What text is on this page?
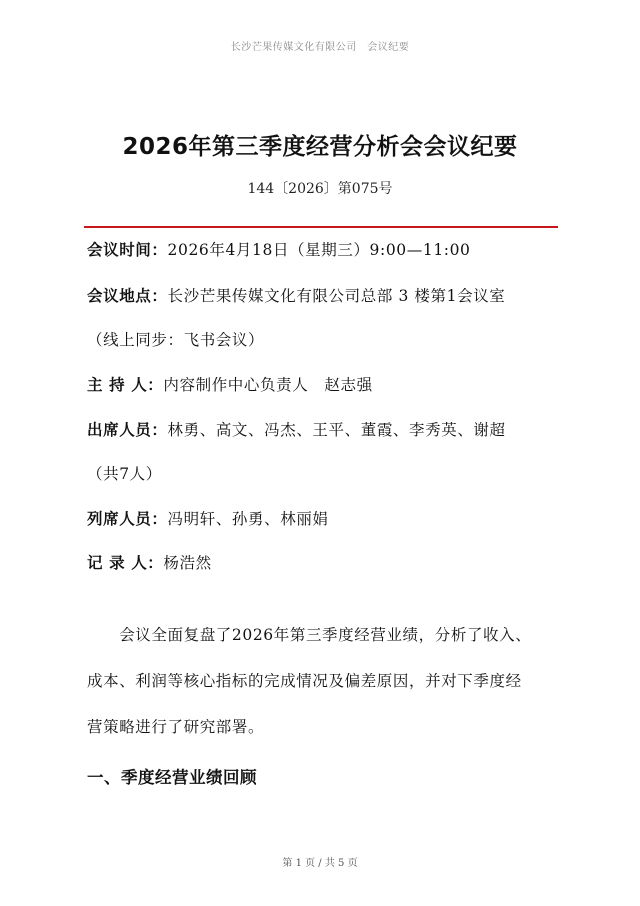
长沙芒果传媒文化有限公司　会议纪要
2026年第三季度经营分析会会议纪要
144〔2026〕第075号
会议时间：2026年4月18日（星期三）9:00—11:00
会议地点：长沙芒果传媒文化有限公司总部 3 楼第1会议室
（线上同步：飞书会议）
主 持 人：内容制作中心负责人　赵志强
出席人员：林勇、高文、冯杰、王平、董霞、李秀英、谢超
（共7人）
列席人员：冯明轩、孙勇、林丽娟
记 录 人：杨浩然
　　会议全面复盘了2026年第三季度经营业绩，分析了收入、
成本、利润等核心指标的完成情况及偏差原因，并对下季度经
营策略进行了研究部署。
一、季度经营业绩回顾
第 1 页 / 共 5 页
